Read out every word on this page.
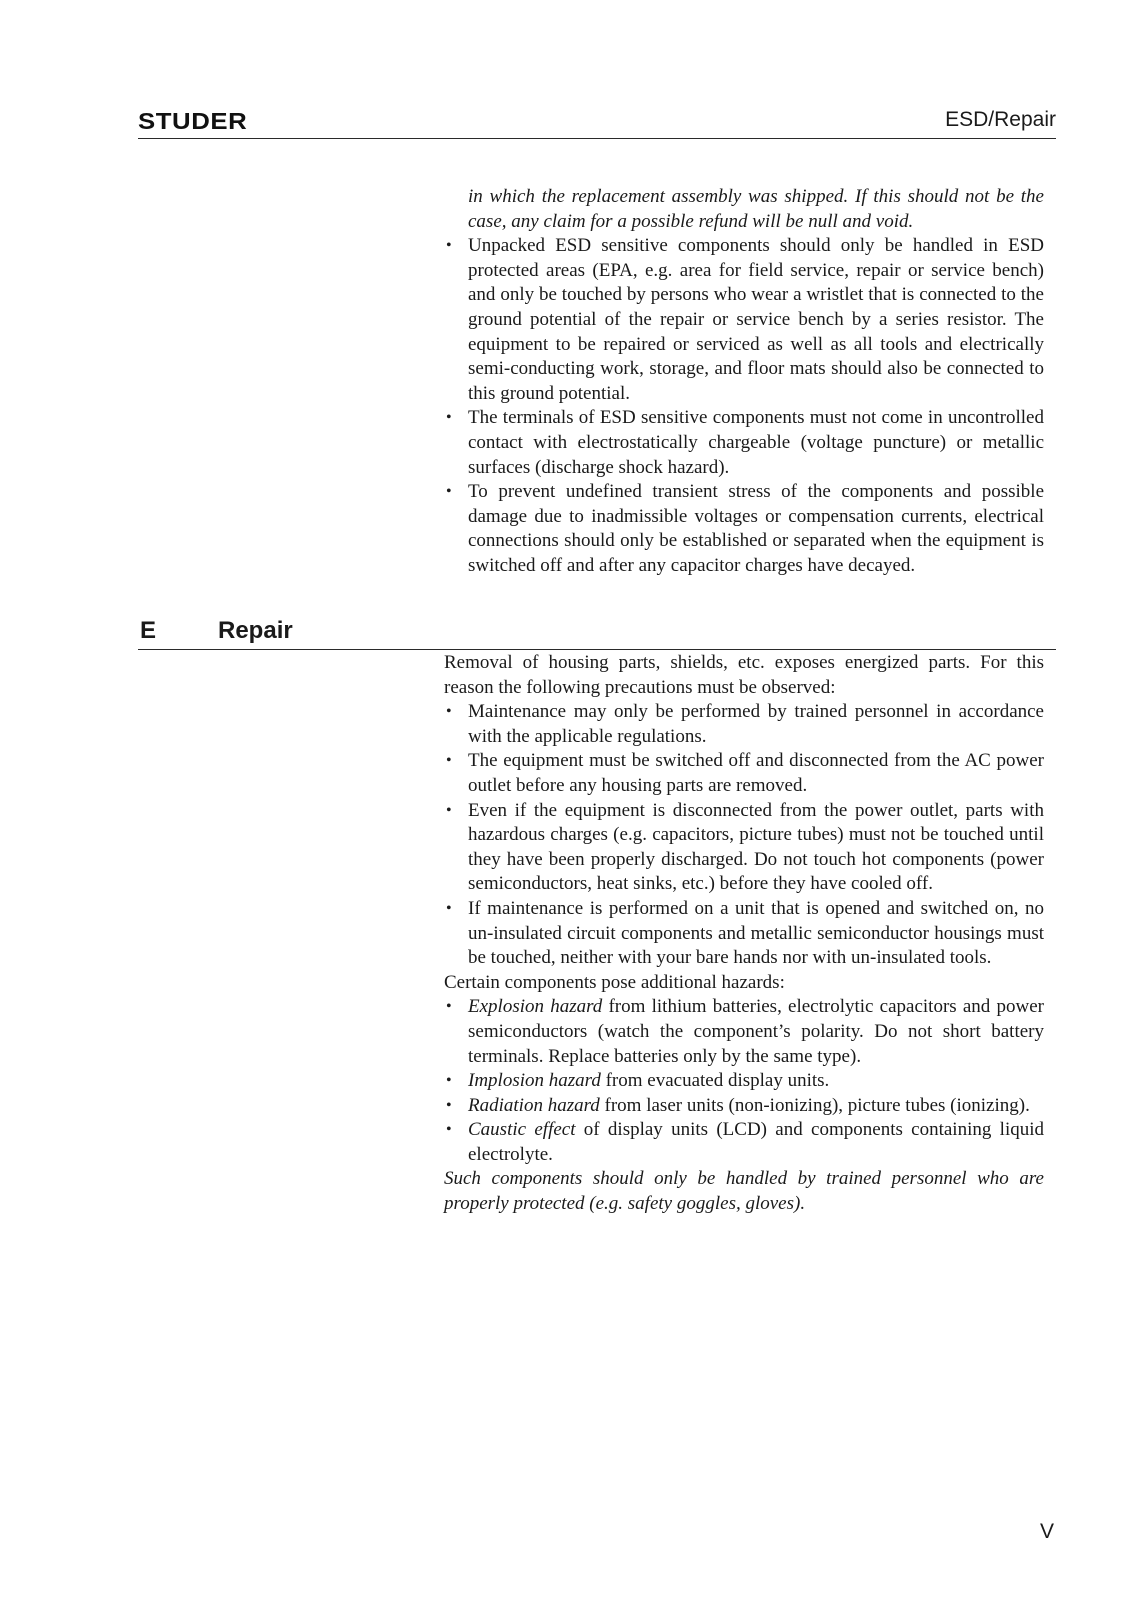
STUDER	ESD/Repair

in which the replacement assembly was shipped. If this should not be the case, any claim for a possible refund will be null and void.

• Unpacked ESD sensitive components should only be handled in ESD protected areas (EPA, e.g. area for field service, repair or service bench) and only be touched by persons who wear a wristlet that is connected to the ground potential of the repair or service bench by a series resistor. The equipment to be repaired or serviced as well as all tools and electrically semi-conducting work, storage, and floor mats should also be connected to this ground potential.
• The terminals of ESD sensitive components must not come in uncontrolled contact with electrostatically chargeable (voltage puncture) or metallic surfaces (discharge shock hazard).
• To prevent undefined transient stress of the components and possible damage due to inadmissible voltages or compensation currents, electrical connections should only be established or separated when the equipment is switched off and after any capacitor charges have decayed.
E	Repair

Removal of housing parts, shields, etc. exposes energized parts. For this reason the following precautions must be observed:

• Maintenance may only be performed by trained personnel in accordance with the applicable regulations.
• The equipment must be switched off and disconnected from the AC power outlet before any housing parts are removed.
• Even if the equipment is disconnected from the power outlet, parts with hazardous charges (e.g. capacitors, picture tubes) must not be touched until they have been properly discharged. Do not touch hot components (power semiconductors, heat sinks, etc.) before they have cooled off.
• If maintenance is performed on a unit that is opened and switched on, no un-insulated circuit components and metallic semiconductor housings must be touched, neither with your bare hands nor with un-insulated tools.

Certain components pose additional hazards:

• Explosion hazard from lithium batteries, electrolytic capacitors and power semiconductors (watch the component’s polarity. Do not short battery terminals. Replace batteries only by the same type).
• Implosion hazard from evacuated display units.
• Radiation hazard from laser units (non-ionizing), picture tubes (ionizing).
• Caustic effect of display units (LCD) and components containing liquid electrolyte.

Such components should only be handled by trained personnel who are properly protected (e.g. safety goggles, gloves).

V
